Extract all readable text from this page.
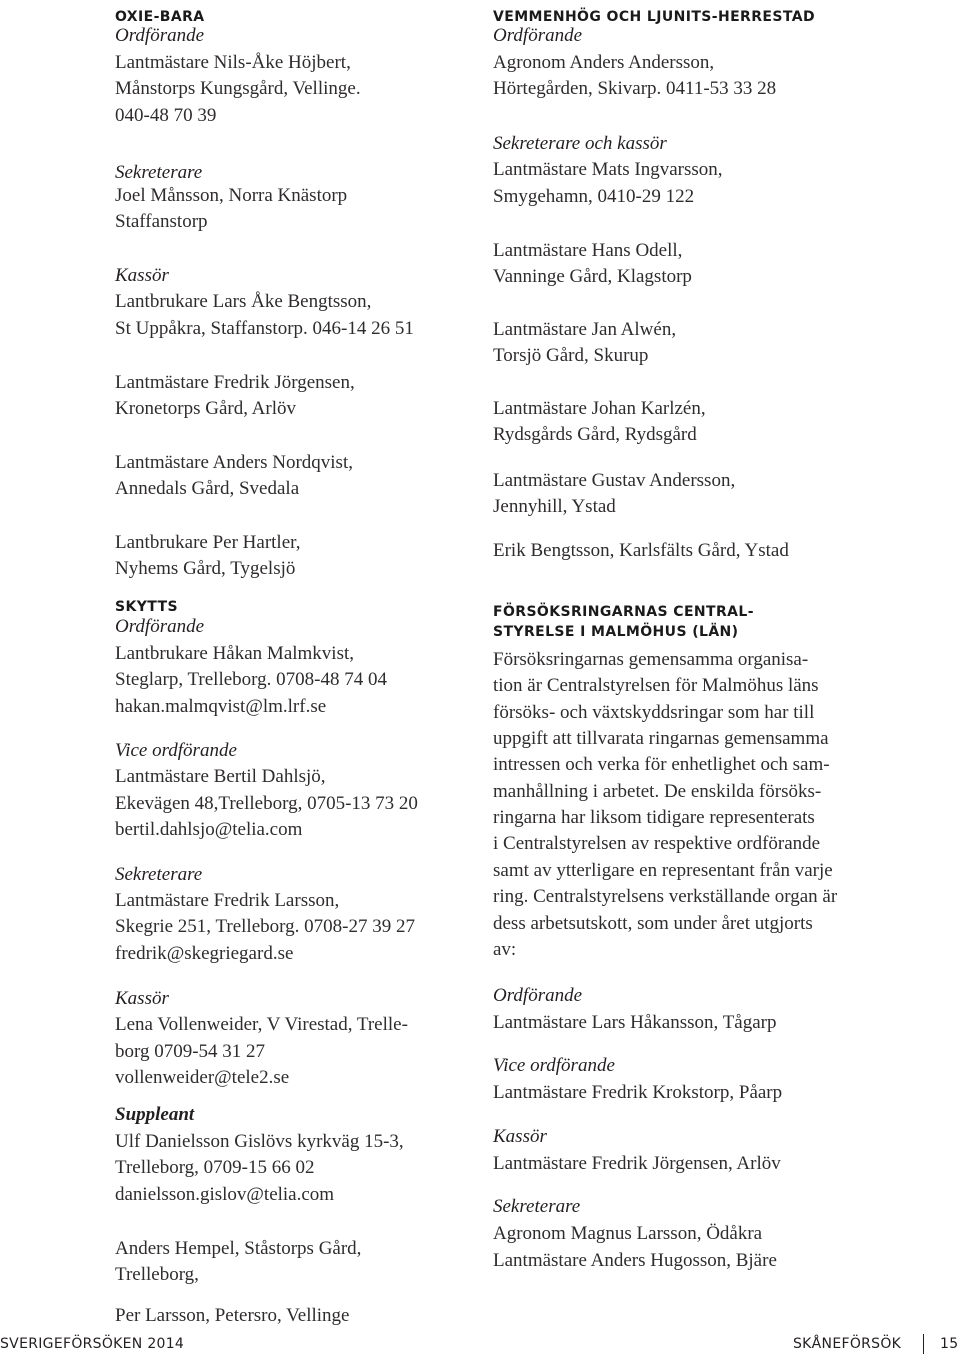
OXIE-BARA
Ordförande
Lantmästare Nils-Åke Höjbert,
Månstorps Kungsgård, Vellinge.
040-48 70 39
Sekreterare
Joel Månsson, Norra Knästorp
Staffanstorp
Kassör
Lantbrukare Lars Åke Bengtsson,
St Uppåkra, Staffanstorp. 046-14 26 51
Lantmästare Fredrik Jörgensen,
Kronetorps Gård, Arlöv
Lantmästare Anders Nordqvist,
Annedals Gård, Svedala
Lantbrukare Per Hartler,
Nyhems Gård, Tygelsjö
SKYTTS
Ordförande
Lantbrukare Håkan Malmkvist,
Steglarp, Trelleborg. 0708-48 74 04
hakan.malmqvist@lm.lrf.se
Vice ordförande
Lantmästare Bertil Dahlsjö,
Ekevägen 48,Trelleborg, 0705-13 73 20
bertil.dahlsjo@telia.com
Sekreterare
Lantmästare Fredrik Larsson,
Skegrie 251, Trelleborg. 0708-27 39 27
fredrik@skegriegard.se
Kassör
Lena Vollenweider, V Virestad, Trelle-
borg 0709-54 31 27
vollenweider@tele2.se
Suppleant
Ulf Danielsson Gislövs kyrkväg 15-3,
Trelleborg, 0709-15 66 02
danielsson.gislov@telia.com
Anders Hempel, Ståstorps Gård,
Trelleborg,
Per Larsson, Petersro, Vellinge
VEMMENHÖG OCH LJUNITS-HERRESTAD
Ordförande
Agronom Anders Andersson,
Hörtegården, Skivarp. 0411-53 33 28
Sekreterare och kassör
Lantmästare Mats Ingvarsson,
Smygehamn, 0410-29 122
Lantmästare Hans Odell,
Vanninge Gård, Klagstorp
Lantmästare Jan Alwén,
Torsjö Gård, Skurup
Lantmästare Johan Karlzén,
Rydsgårds Gård, Rydsgård
Lantmästare Gustav Andersson,
Jennyhill, Ystad
Erik Bengtsson, Karlsfälts Gård, Ystad
FÖRSÖKSRINGARNAS CENTRAL-
STYRELSE I MALMÖHUS (LÄN)
Försöksringarnas gemensamma organisa-
tion är Centralstyrelsen för Malmöhus läns
försöks- och växtskyddsringar som har till
uppgift att tillvarata ringarnas gemensamma
intressen och verka för enhetlighet och sam-
manhållning i arbetet. De enskilda försöks-
ringarna har liksom tidigare representerats
i Centralstyrelsen av respektive ordförande
samt av ytterligare en representant från varje
ring. Centralstyrelsens verkställande organ är
dess arbetsutskott, som under året utgjorts
av:
Ordförande
Lantmästare Lars Håkansson, Tågarp
Vice ordförande
Lantmästare Fredrik Krokstorp, Påarp
Kassör
Lantmästare Fredrik Jörgensen, Arlöv
Sekreterare
Agronom Magnus Larsson, Ödåkra
Lantmästare Anders Hugosson, Bjäre
SVERIGEFÖRSÖKEN 2014	SKÅNEFÖRSÖK	15
